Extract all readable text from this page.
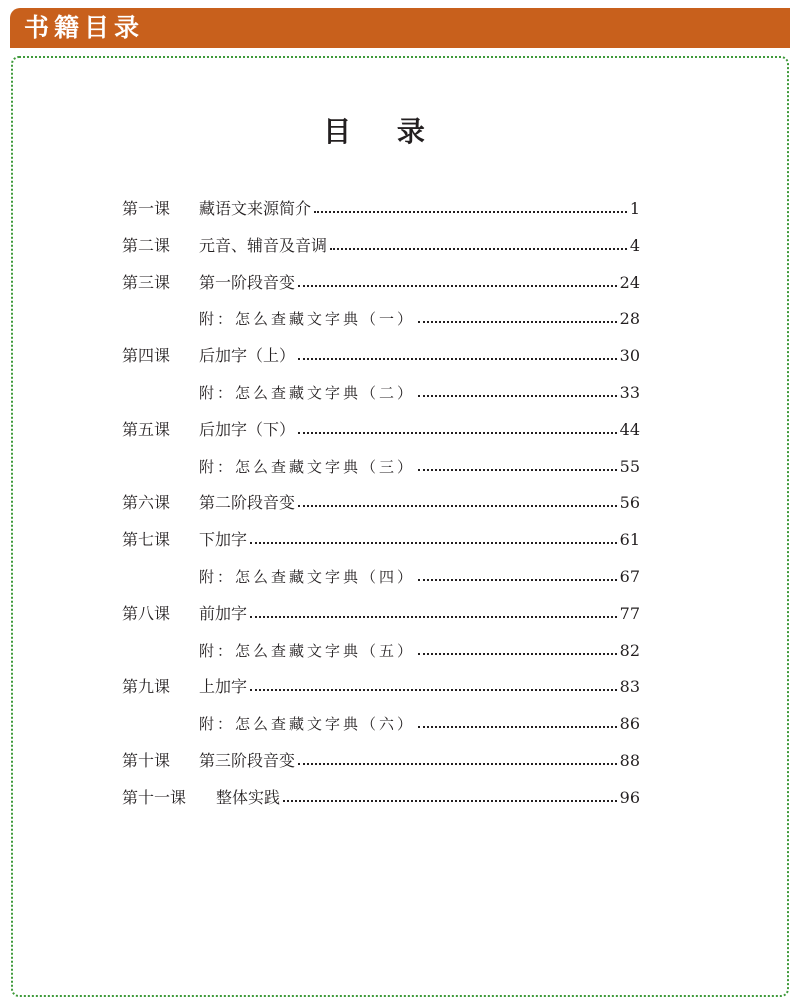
书籍目录
目 录
第一课	藏语文来源简介	1
第二课	元音、辅音及音调	4
第三课	第一阶段音变	24
附：怎么查藏文字典（一）	28
第四课	后加字（上）	30
附：怎么查藏文字典（二）	33
第五课	后加字（下）	44
附：怎么查藏文字典（三）	55
第六课	第二阶段音变	56
第七课	下加字	61
附：怎么查藏文字典（四）	67
第八课	前加字	77
附：怎么查藏文字典（五）	82
第九课	上加字	83
附：怎么查藏文字典（六）	86
第十课	第三阶段音变	88
第十一课	整体实践	96
